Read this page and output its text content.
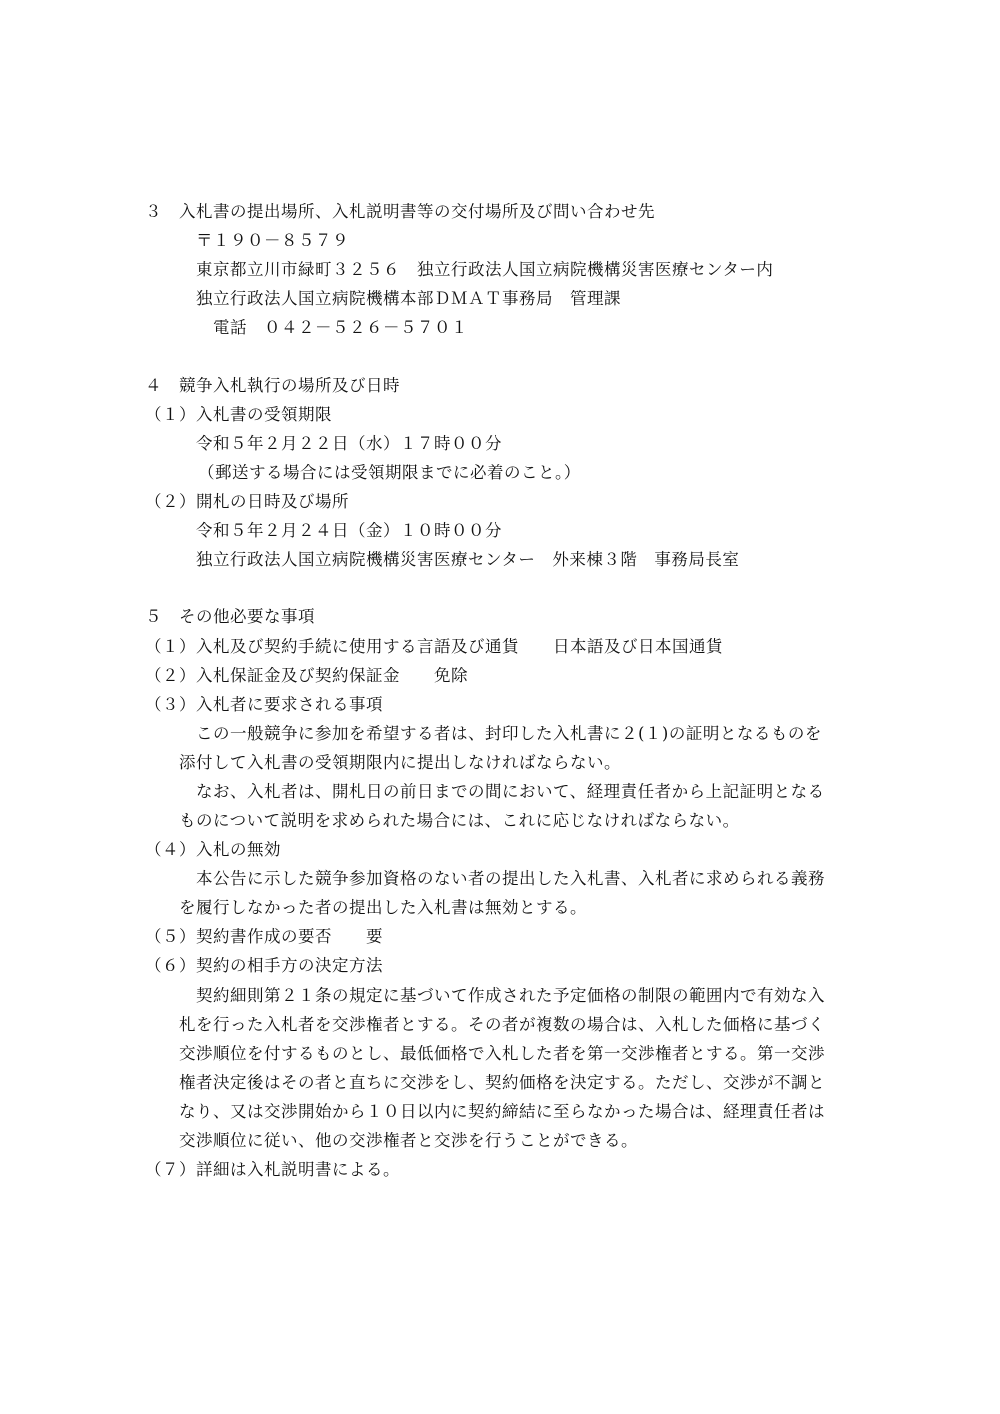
３　入札書の提出場所、入札説明書等の交付場所及び問い合わせ先
〒１９０－８５７９
東京都立川市緑町３２５６　独立行政法人国立病院機構災害医療センター内
独立行政法人国立病院機構本部ＤＭＡＴ事務局　管理課
電話　０４２－５２６－５７０１
４　競争入札執行の場所及び日時
（１）入札書の受領期限
令和５年２月２２日（水）１７時００分
（郵送する場合には受領期限までに必着のこと。）
（２）開札の日時及び場所
令和５年２月２４日（金）１０時００分
独立行政法人国立病院機構災害医療センター　外来棟３階　事務局長室
５　その他必要な事項
（１）入札及び契約手続に使用する言語及び通貨　　日本語及び日本国通貨
（２）入札保証金及び契約保証金　　免除
（３）入札者に要求される事項
この一般競争に参加を希望する者は、封印した入札書に２(１)の証明となるものを
添付して入札書の受領期限内に提出しなければならない。
なお、入札者は、開札日の前日までの間において、経理責任者から上記証明となる
ものについて説明を求められた場合には、これに応じなければならない。
（４）入札の無効
本公告に示した競争参加資格のない者の提出した入札書、入札者に求められる義務
を履行しなかった者の提出した入札書は無効とする。
（５）契約書作成の要否　　要
（６）契約の相手方の決定方法
契約細則第２１条の規定に基づいて作成された予定価格の制限の範囲内で有効な入
札を行った入札者を交渉権者とする。その者が複数の場合は、入札した価格に基づく
交渉順位を付するものとし、最低価格で入札した者を第一交渉権者とする。第一交渉
権者決定後はその者と直ちに交渉をし、契約価格を決定する。ただし、交渉が不調と
なり、又は交渉開始から１０日以内に契約締結に至らなかった場合は、経理責任者は
交渉順位に従い、他の交渉権者と交渉を行うことができる。
（７）詳細は入札説明書による。
